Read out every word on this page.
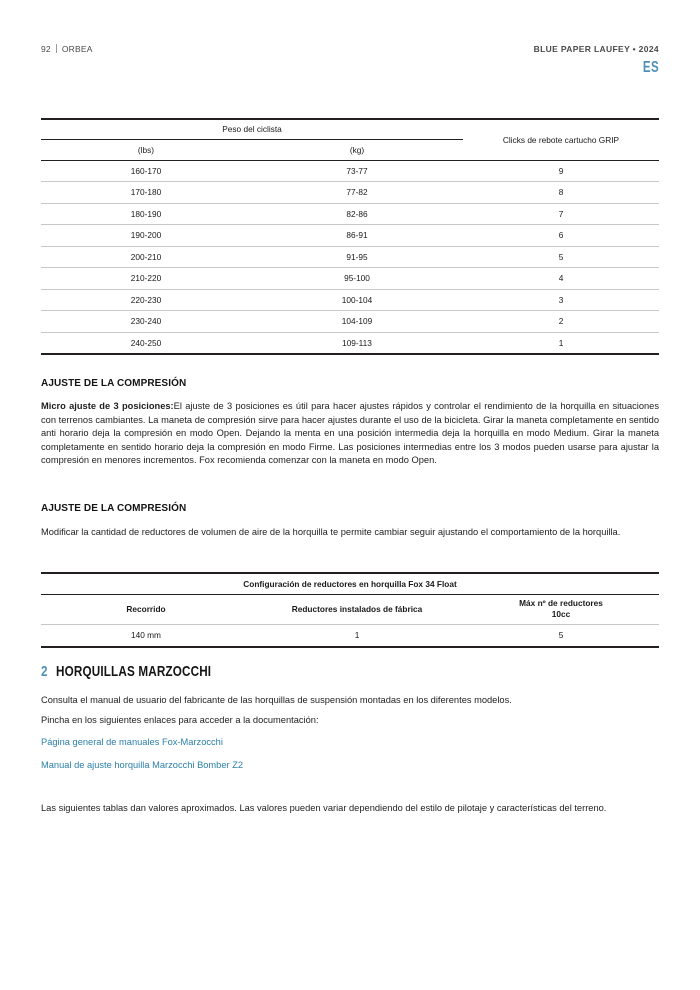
92	ORBEA	BLUE PAPER LAUFEY • 2024
ES
Peso del ciclista		Clicks de rebote cartucho GRIP
(lbs)	(kg)	
160-170	73-77	9
170-180	77-82	8
180-190	82-86	7
190-200	86-91	6
200-210	91-95	5
210-220	95-100	4
220-230	100-104	3
230-240	104-109	2
240-250	109-113	1
AJUSTE DE LA COMPRESIÓN
Micro ajuste de 3 posiciones:El ajuste de 3 posiciones es útil para hacer ajustes rápidos y controlar el rendimiento de la horquilla en situaciones con terrenos cambiantes. La maneta de compresión sirve para hacer ajustes durante el uso de la bicicleta. Girar la maneta completamente en sentido anti horario deja la compresión en modo Open. Dejando la menta en una posición intermedia deja la horquilla en modo Medium. Girar la maneta completamente en sentido horario deja la compresión en modo Firme. Las posiciones intermedias entre los 3 modos pueden usarse para ajustar la compresión en menores incrementos. Fox recomienda comenzar con la maneta en modo Open.
AJUSTE DE LA COMPRESIÓN
Modificar la cantidad de reductores de volumen de aire de la horquilla te permite cambiar seguir ajustando el comportamiento de la horquilla.
Configuración de reductores en horquilla Fox 34 Float		
Recorrido	Reductores instalados de fábrica	Máx nº de reductores
10cc
140 mm	1	5
2 HORQUILLAS MARZOCCHI
Consulta el manual de usuario del fabricante de las horquillas de suspensión montadas en los diferentes modelos.
Pincha en los siguientes enlaces para acceder a la documentación:
Página general de manuales Fox-Marzocchi
Manual de ajuste horquilla Marzocchi Bomber Z2
Las siguientes tablas dan valores aproximados. Las valores pueden variar dependiendo del estilo de pilotaje y características del terreno.
